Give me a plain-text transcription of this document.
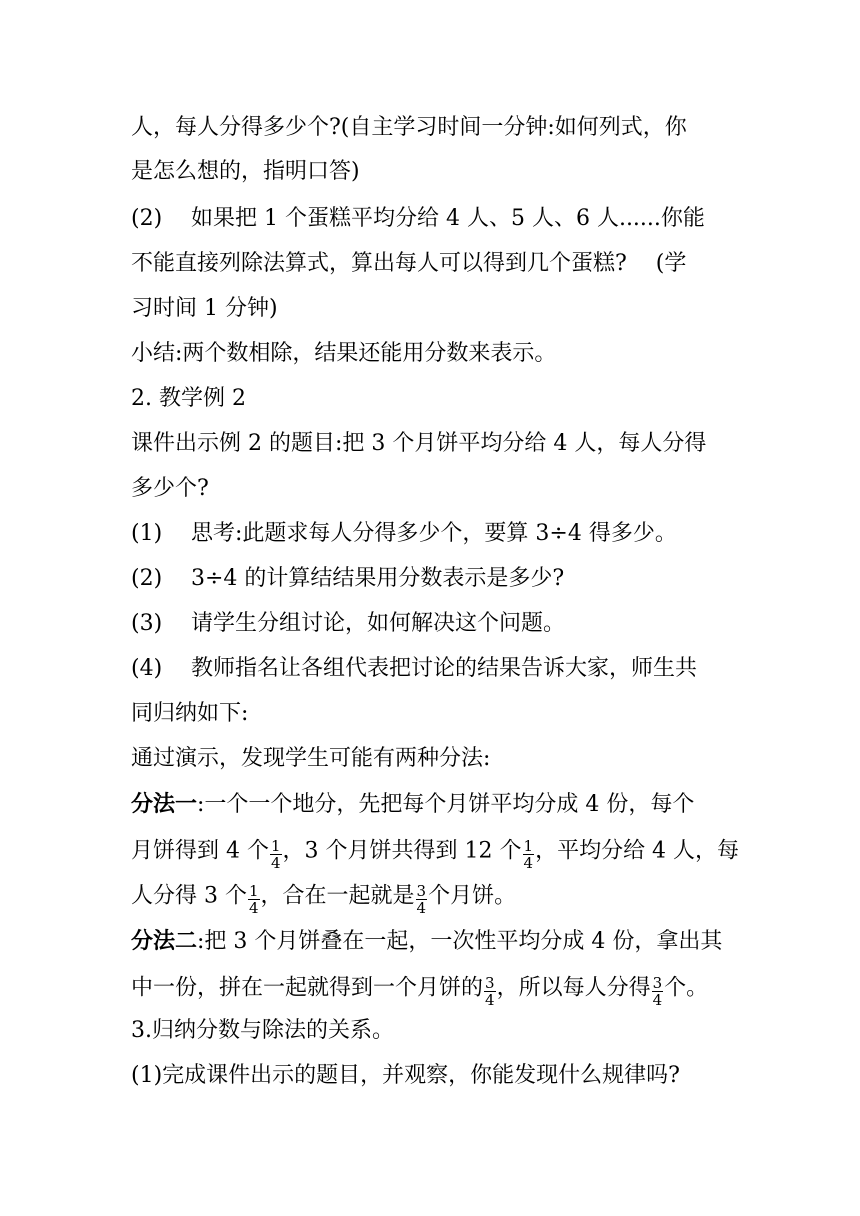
人，每人分得多少个?(自主学习时间一分钟:如何列式，你
是怎么想的，指明口答)
(2) 如果把 1 个蛋糕平均分给 4 人、5 人、6 人......你能
不能直接列除法算式，算出每人可以得到几个蛋糕?　 (学
习时间 1 分钟)
小结:两个数相除，结果还能用分数来表示。
2. 教学例 2
课件出示例 2 的题目:把 3 个月饼平均分给 4 人，每人分得
多少个?
(1) 思考:此题求每人分得多少个，要算 3÷4 得多少。
(2) 3÷4 的计算结结果用分数表示是多少?
(3) 请学生分组讨论，如何解决这个问题。
(4) 教师指名让各组代表把讨论的结果告诉大家，师生共
同归纳如下:
通过演示，发现学生可能有两种分法:
分法一:一个一个地分，先把每个月饼平均分成 4 份，每个
月饼得到 4 个 $\frac{1}{4}$ ，3 个月饼共得到 12 个 $\frac{1}{4}$ ，平均分给 4 人，每
人分得 3 个 $\frac{1}{4}$ ，合在一起就是 $\frac{3}{4}$ 个月饼。
分法二:把 3 个月饼叠在一起，一次性平均分成 4 份，拿出其
中一份，拼在一起就得到一个月饼的 $\frac{3}{4}$ ，所以每人分得 $\frac{3}{4}$ 个。
3.归纳分数与除法的关系。
(1)完成课件出示的题目，并观察，你能发现什么规律吗?
